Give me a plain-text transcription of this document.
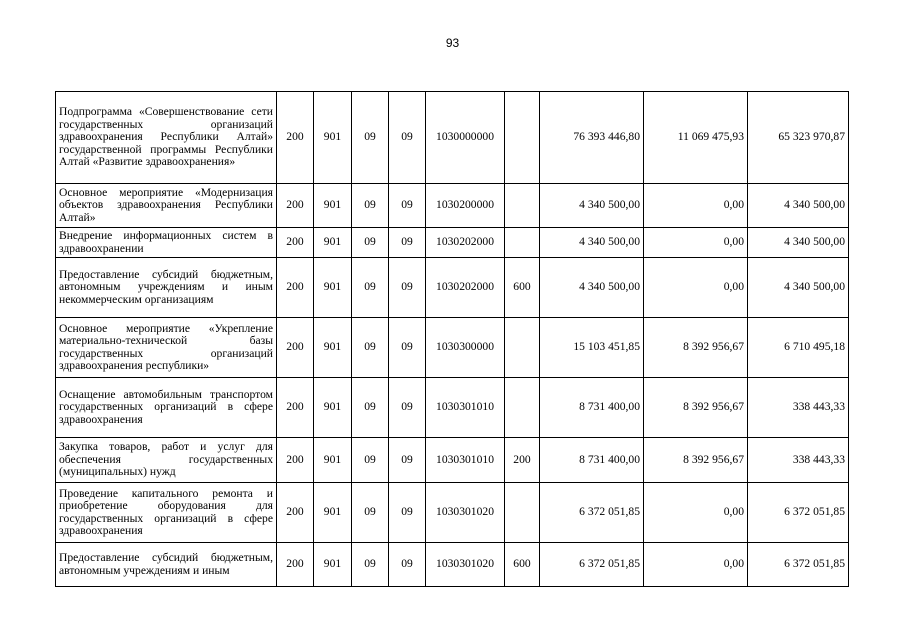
93
Подпрограмма «Совершенствование сети государственных организаций здравоохранения Республики Алтай» государственной программы Республики Алтай «Развитие здравоохранения»	200	901	09	09	1030000000		76 393 446,80	11 069 475,93	65 323 970,87
Основное мероприятие «Модернизация объектов здравоохранения Республики Алтай»	200	901	09	09	1030200000		4 340 500,00	0,00	4 340 500,00
Внедрение информационных систем в здравоохранении	200	901	09	09	1030202000		4 340 500,00	0,00	4 340 500,00
Предоставление субсидий бюджетным, автономным учреждениям и иным некоммерческим организациям	200	901	09	09	1030202000	600	4 340 500,00	0,00	4 340 500,00
Основное мероприятие «Укрепление материально-технической базы государственных организаций здравоохранения республики»	200	901	09	09	1030300000		15 103 451,85	8 392 956,67	6 710 495,18
Оснащение автомобильным транспортом государственных организаций в сфере здравоохранения	200	901	09	09	1030301010		8 731 400,00	8 392 956,67	338 443,33
Закупка товаров, работ и услуг для обеспечения государственных (муниципальных) нужд	200	901	09	09	1030301010	200	8 731 400,00	8 392 956,67	338 443,33
Проведение капитального ремонта и приобретение оборудования для государственных организаций в сфере здравоохранения	200	901	09	09	1030301020		6 372 051,85	0,00	6 372 051,85
Предоставление субсидий бюджетным, автономным учреждениям и иным	200	901	09	09	1030301020	600	6 372 051,85	0,00	6 372 051,85
